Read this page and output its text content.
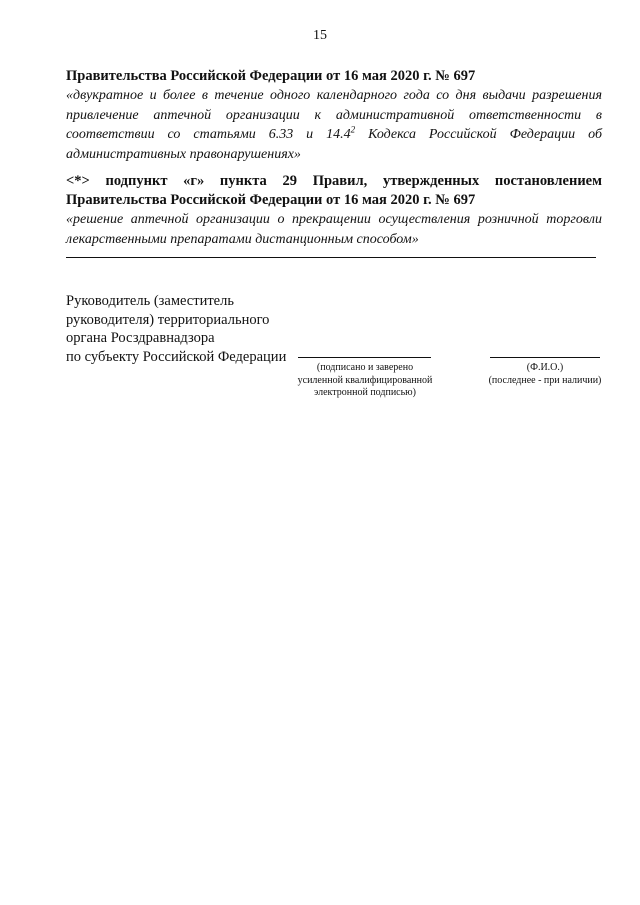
15
Правительства Российской Федерации от 16 мая 2020 г. № 697
«двукратное и более в течение одного календарного года со дня выдачи разрешения
привлечение аптечной организации к административной ответственности в
соответствии со статьями 6.33 и 14.4$^2$ Кодекса Российской Федерации об
административных правонарушениях»
<*> подпункт «г» пункта 29 Правил, утвержденных постановлением
Правительства Российской Федерации от 16 мая 2020 г. № 697
«решение аптечной организации о прекращении осуществления розничной торговли
лекарственными препаратами дистанционным способом»
Руководитель (заместитель
руководителя) территориального
органа Росздравнадзора
по субъекту Российской Федерации
(подписано и заверено
усиленной квалифицированной
электронной подписью)
(Ф.И.О.)
(последнее - при наличии)
